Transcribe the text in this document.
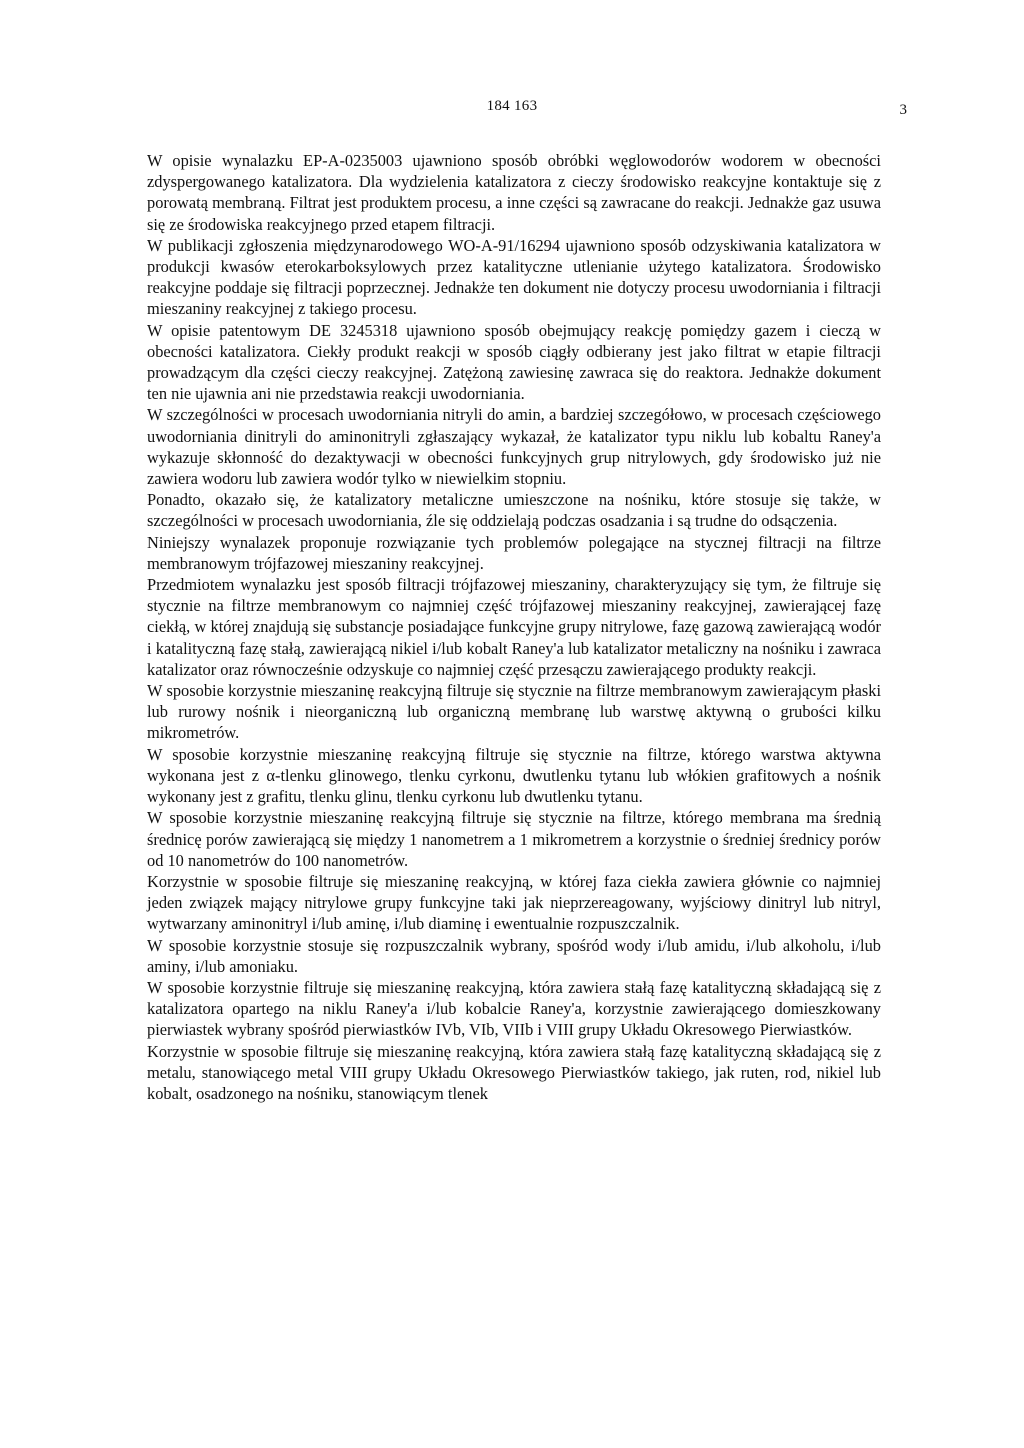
184 163	3

W opisie wynalazku EP-A-0235003 ujawniono sposób obróbki węglowodorów wodorem w obecności zdyspergowanego katalizatora. Dla wydzielenia katalizatora z cieczy środowisko reakcyjne kontaktuje się z porowatą membraną. Filtrat jest produktem procesu, a inne części są zawracane do reakcji. Jednakże gaz usuwa się ze środowiska reakcyjnego przed etapem filtracji.

W publikacji zgłoszenia międzynarodowego WO-A-91/16294 ujawniono sposób odzyskiwania katalizatora w produkcji kwasów eterokarboksylowych przez katalityczne utlenianie użytego katalizatora. Środowisko reakcyjne poddaje się filtracji poprzecznej. Jednakże ten dokument nie dotyczy procesu uwodorniania i filtracji mieszaniny reakcyjnej z takiego procesu.

W opisie patentowym DE 3245318 ujawniono sposób obejmujący reakcję pomiędzy gazem i cieczą w obecności katalizatora. Ciekły produkt reakcji w sposób ciągły odbierany jest jako filtrat w etapie filtracji prowadzącym dla części cieczy reakcyjnej. Zatężoną zawiesinę zawraca się do reaktora. Jednakże dokument ten nie ujawnia ani nie przedstawia reakcji uwodorniania.

W szczególności w procesach uwodorniania nitryli do amin, a bardziej szczegółowo, w procesach częściowego uwodorniania dinitryli do aminonitryli zgłaszający wykazał, że katalizator typu niklu lub kobaltu Raney'a wykazuje skłonność do dezaktywacji w obecności funkcyjnych grup nitrylowych, gdy środowisko już nie zawiera wodoru lub zawiera wodór tylko w niewielkim stopniu.

Ponadto, okazało się, że katalizatory metaliczne umieszczone na nośniku, które stosuje się także, w szczególności w procesach uwodorniania, źle się oddzielają podczas osadzania i są trudne do odsączenia.

Niniejszy wynalazek proponuje rozwiązanie tych problemów polegające na stycznej filtracji na filtrze membranowym trójfazowej mieszaniny reakcyjnej.

Przedmiotem wynalazku jest sposób filtracji trójfazowej mieszaniny, charakteryzujący się tym, że filtruje się stycznie na filtrze membranowym co najmniej część trójfazowej mieszaniny reakcyjnej, zawierającej fazę ciekłą, w której znajdują się substancje posiadające funkcyjne grupy nitrylowe, fazę gazową zawierającą wodór i katalityczną fazę stałą, zawierającą nikiel i/lub kobalt Raney'a lub katalizator metaliczny na nośniku i zawraca katalizator oraz równocześnie odzyskuje co najmniej część przesączu zawierającego produkty reakcji.

W sposobie korzystnie mieszaninę reakcyjną filtruje się stycznie na filtrze membranowym zawierającym płaski lub rurowy nośnik i nieorganiczną lub organiczną membranę lub warstwę aktywną o grubości kilku mikrometrów.

W sposobie korzystnie mieszaninę reakcyjną filtruje się stycznie na filtrze, którego warstwa aktywna wykonana jest z α-tlenku glinowego, tlenku cyrkonu, dwutlenku tytanu lub włókien grafitowych a nośnik wykonany jest z grafitu, tlenku glinu, tlenku cyrkonu lub dwutlenku tytanu.

W sposobie korzystnie mieszaninę reakcyjną filtruje się stycznie na filtrze, którego membrana ma średnią średnicę porów zawierającą się między 1 nanometrem a 1 mikrometrem a korzystnie o średniej średnicy porów od 10 nanometrów do 100 nanometrów.

Korzystnie w sposobie filtruje się mieszaninę reakcyjną, w której faza ciekła zawiera głównie co najmniej jeden związek mający nitrylowe grupy funkcyjne taki jak nieprzereagowany, wyjściowy dinitryl lub nitryl, wytwarzany aminonitryl i/lub aminę, i/lub diaminę i ewentualnie rozpuszczalnik.

W sposobie korzystnie stosuje się rozpuszczalnik wybrany, spośród wody i/lub amidu, i/lub alkoholu, i/lub aminy, i/lub amoniaku.

W sposobie korzystnie filtruje się mieszaninę reakcyjną, która zawiera stałą fazę katalityczną składającą się z katalizatora opartego na niklu Raney'a i/lub kobalcie Raney'a, korzystnie zawierającego domieszkowany pierwiastek wybrany spośród pierwiastków IVb, VIb, VIIb i VIII grupy Układu Okresowego Pierwiastków.

Korzystnie w sposobie filtruje się mieszaninę reakcyjną, która zawiera stałą fazę katalityczną składającą się z metalu, stanowiącego metal VIII grupy Układu Okresowego Pierwiastków takiego, jak ruten, rod, nikiel lub kobalt, osadzonego na nośniku, stanowiącym tlenek
